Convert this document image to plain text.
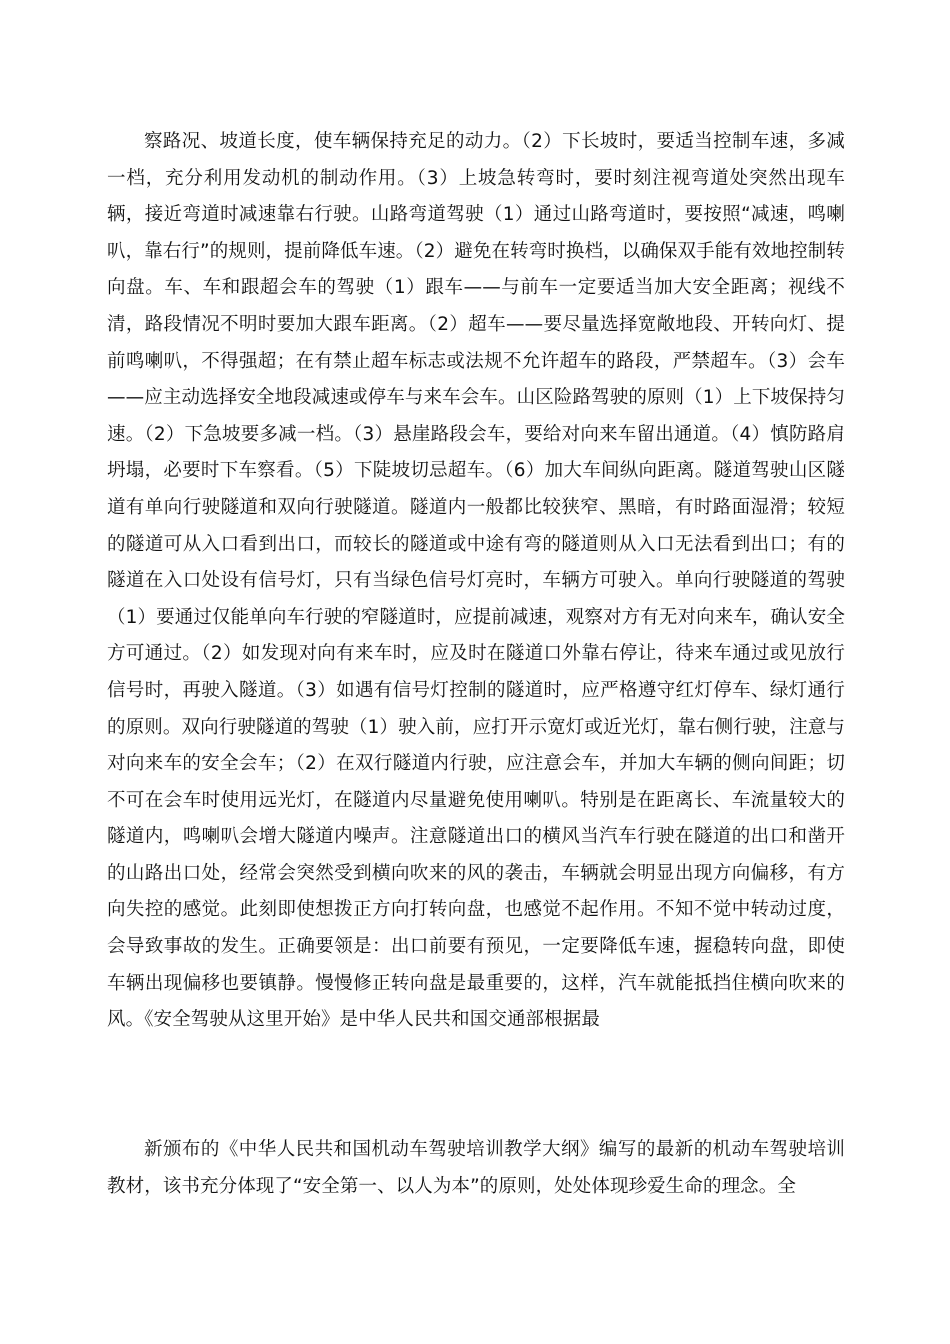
察路况、坡道长度，使车辆保持充足的动力。（2）下长坡时，要适当控制车速，多减一档，充分利用发动机的制动作用。（3）上坡急转弯时，要时刻注视弯道处突然出现车辆，接近弯道时减速靠右行驶。山路弯道驾驶（1）通过山路弯道时，要按照“减速，鸣喇叭，靠右行”的规则，提前降低车速。（2）避免在转弯时换档，以确保双手能有效地控制转向盘。车、车和跟超会车的驾驶（1）跟车——与前车一定要适当加大安全距离；视线不清，路段情况不明时要加大跟车距离。（2）超车——要尽量选择宽敞地段、开转向灯、提前鸣喇叭，不得强超；在有禁止超车标志或法规不允许超车的路段，严禁超车。（3）会车——应主动选择安全地段减速或停车与来车会车。山区险路驾驶的原则（1）上下坡保持匀速。（2）下急坡要多减一档。（3）悬崖路段会车，要给对向来车留出通道。（4）慎防路肩坍塌，必要时下车察看。（5）下陡坡切忌超车。（6）加大车间纵向距离。隧道驾驶山区隧道有单向行驶隧道和双向行驶隧道。隧道内一般都比较狭窄、黑暗，有时路面湿滑；较短的隧道可从入口看到出口，而较长的隧道或中途有弯的隧道则从入口无法看到出口；有的隧道在入口处设有信号灯，只有当绿色信号灯亮时，车辆方可驶入。单向行驶隧道的驾驶（1）要通过仅能单向车行驶的窄隧道时，应提前减速，观察对方有无对向来车，确认安全方可通过。（2）如发现对向有来车时，应及时在隧道口外靠右停让，待来车通过或见放行信号时，再驶入隧道。（3）如遇有信号灯控制的隧道时，应严格遵守红灯停车、绿灯通行的原则。双向行驶隧道的驾驶（1）驶入前，应打开示宽灯或近光灯，靠右侧行驶，注意与对向来车的安全会车；（2）在双行隧道内行驶，应注意会车，并加大车辆的侧向间距；切不可在会车时使用远光灯，在隧道内尽量避免使用喇叭。特别是在距离长、车流量较大的隧道内，鸣喇叭会增大隧道内噪声。注意隧道出口的横风当汽车行驶在隧道的出口和凿开的山路出口处，经常会突然受到横向吹来的风的袭击，车辆就会明显出现方向偏移，有方向失控的感觉。此刻即使想拨正方向打转向盘，也感觉不起作用。不知不觉中转动过度，会导致事故的发生。正确要领是：出口前要有预见，一定要降低车速，握稳转向盘，即使车辆出现偏移也要镇静。慢慢修正转向盘是最重要的，这样，汽车就能抵挡住横向吹来的风。《安全驾驶从这里开始》是中华人民共和国交通部根据最

新颁布的《中华人民共和国机动车驾驶培训教学大纲》编写的最新的机动车驾驶培训教材，该书充分体现了“安全第一、以人为本”的原则，处处体现珍爱生命的理念。全
